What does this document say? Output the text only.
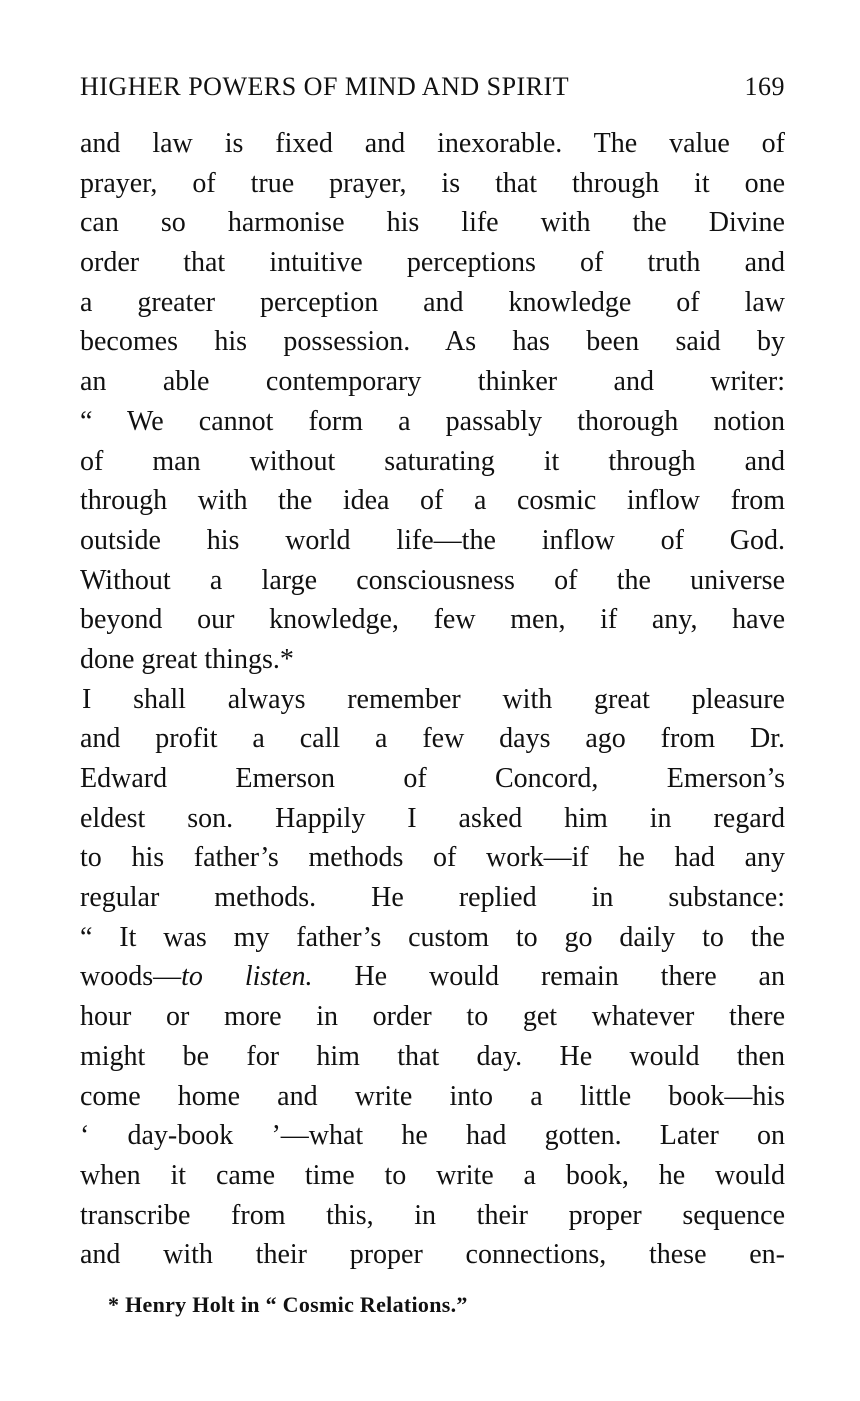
HIGHER POWERS OF MIND AND SPIRIT	169
and law is fixed and inexorable. The value of
prayer, of true prayer, is that through it one
can so harmonise his life with the Divine
order that intuitive perceptions of truth and
a greater perception and knowledge of law
becomes his possession. As has been said by
an able contemporary thinker and writer:
“ We cannot form a passably thorough notion
of man without saturating it through and
through with the idea of a cosmic inflow from
outside his world life—the inflow of God.
Without a large consciousness of the universe
beyond our knowledge, few men, if any, have
done great things.*
I shall always remember with great pleasure
and profit a call a few days ago from Dr.
Edward Emerson of Concord, Emerson’s
eldest son. Happily I asked him in regard
to his father’s methods of work—if he had any
regular methods. He replied in substance:
“ It was my father’s custom to go daily to the
woods—to listen. He would remain there an
hour or more in order to get whatever there
might be for him that day. He would then
come home and write into a little book—his
‘ day-book ’—what he had gotten. Later on
when it came time to write a book, he would
transcribe from this, in their proper sequence
and with their proper connections, these en-
* Henry Holt in “ Cosmic Relations.”
